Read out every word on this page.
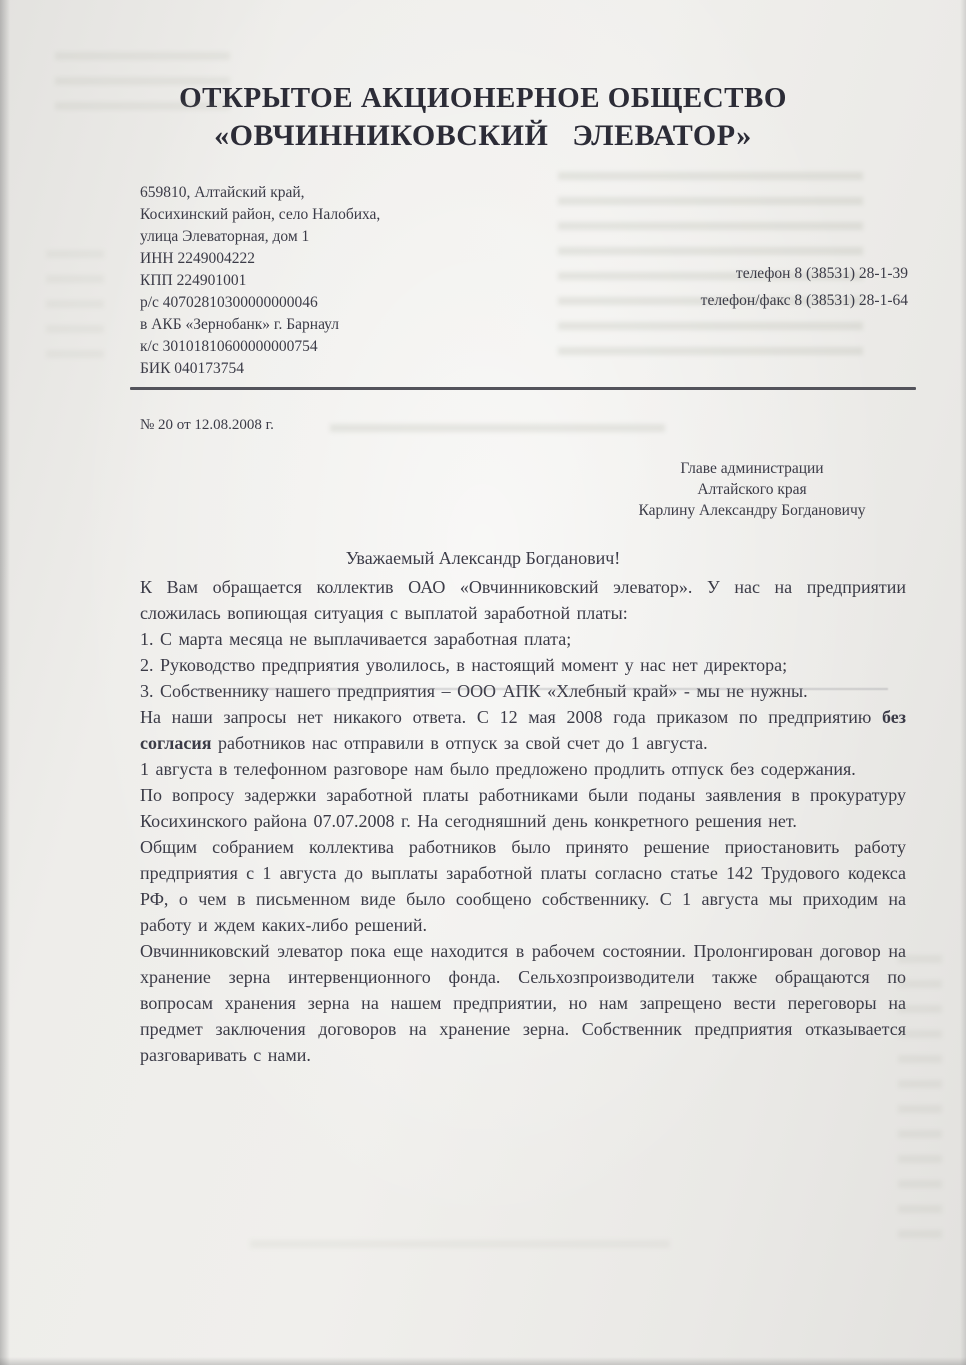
ОТКРЫТОЕ АКЦИОНЕРНОЕ ОБЩЕСТВО
«ОВЧИННИКОВСКИЙ ЭЛЕВАТОР»
659810, Алтайский край,
Косихинский район, село Налобиха,
улица Элеваторная, дом 1
ИНН 2249004222
КПП 224901001
р/с 40702810300000000046
в АКБ «Зернобанк» г. Барнаул
к/с 30101810600000000754
БИК 040173754
телефон 8 (38531) 28-1-39
телефон/факс 8 (38531) 28-1-64
№ 20 от 12.08.2008 г.
Главе администрации
Алтайского края
Карлину Александру Богдановичу
Уважаемый Александр Богданович!

К Вам обращается коллектив ОАО «Овчинниковский элеватор». У нас на предприятии сложилась вопиющая ситуация с выплатой заработной платы:

1. С марта месяца не выплачивается заработная плата;

2. Руководство предприятия уволилось, в настоящий момент у нас нет директора;

3. Собственнику нашего предприятия – ООО АПК «Хлебный край» - мы не нужны.

На наши запросы нет никакого ответа. С 12 мая 2008 года приказом по предприятию без согласия работников нас отправили в отпуск за свой счет до 1 августа.

1 августа в телефонном разговоре нам было предложено продлить отпуск без содержания.

По вопросу задержки заработной платы работниками были поданы заявления в прокуратуру Косихинского района 07.07.2008 г. На сегодняшний день конкретного решения нет.

Общим собранием коллектива работников было принято решение приостановить работу предприятия с 1 августа до выплаты заработной платы согласно статье 142 Трудового кодекса РФ, о чем в письменном виде было сообщено собственнику. С 1 августа мы приходим на работу и ждем каких-либо решений.

Овчинниковский элеватор пока еще находится в рабочем состоянии. Пролонгирован договор на хранение зерна интервенционного фонда. Сельхозпроизводители также обращаются по вопросам хранения зерна на нашем предприятии, но нам запрещено вести переговоры на предмет заключения договоров на хранение зерна. Собственник предприятия отказывается разговаривать с нами.
